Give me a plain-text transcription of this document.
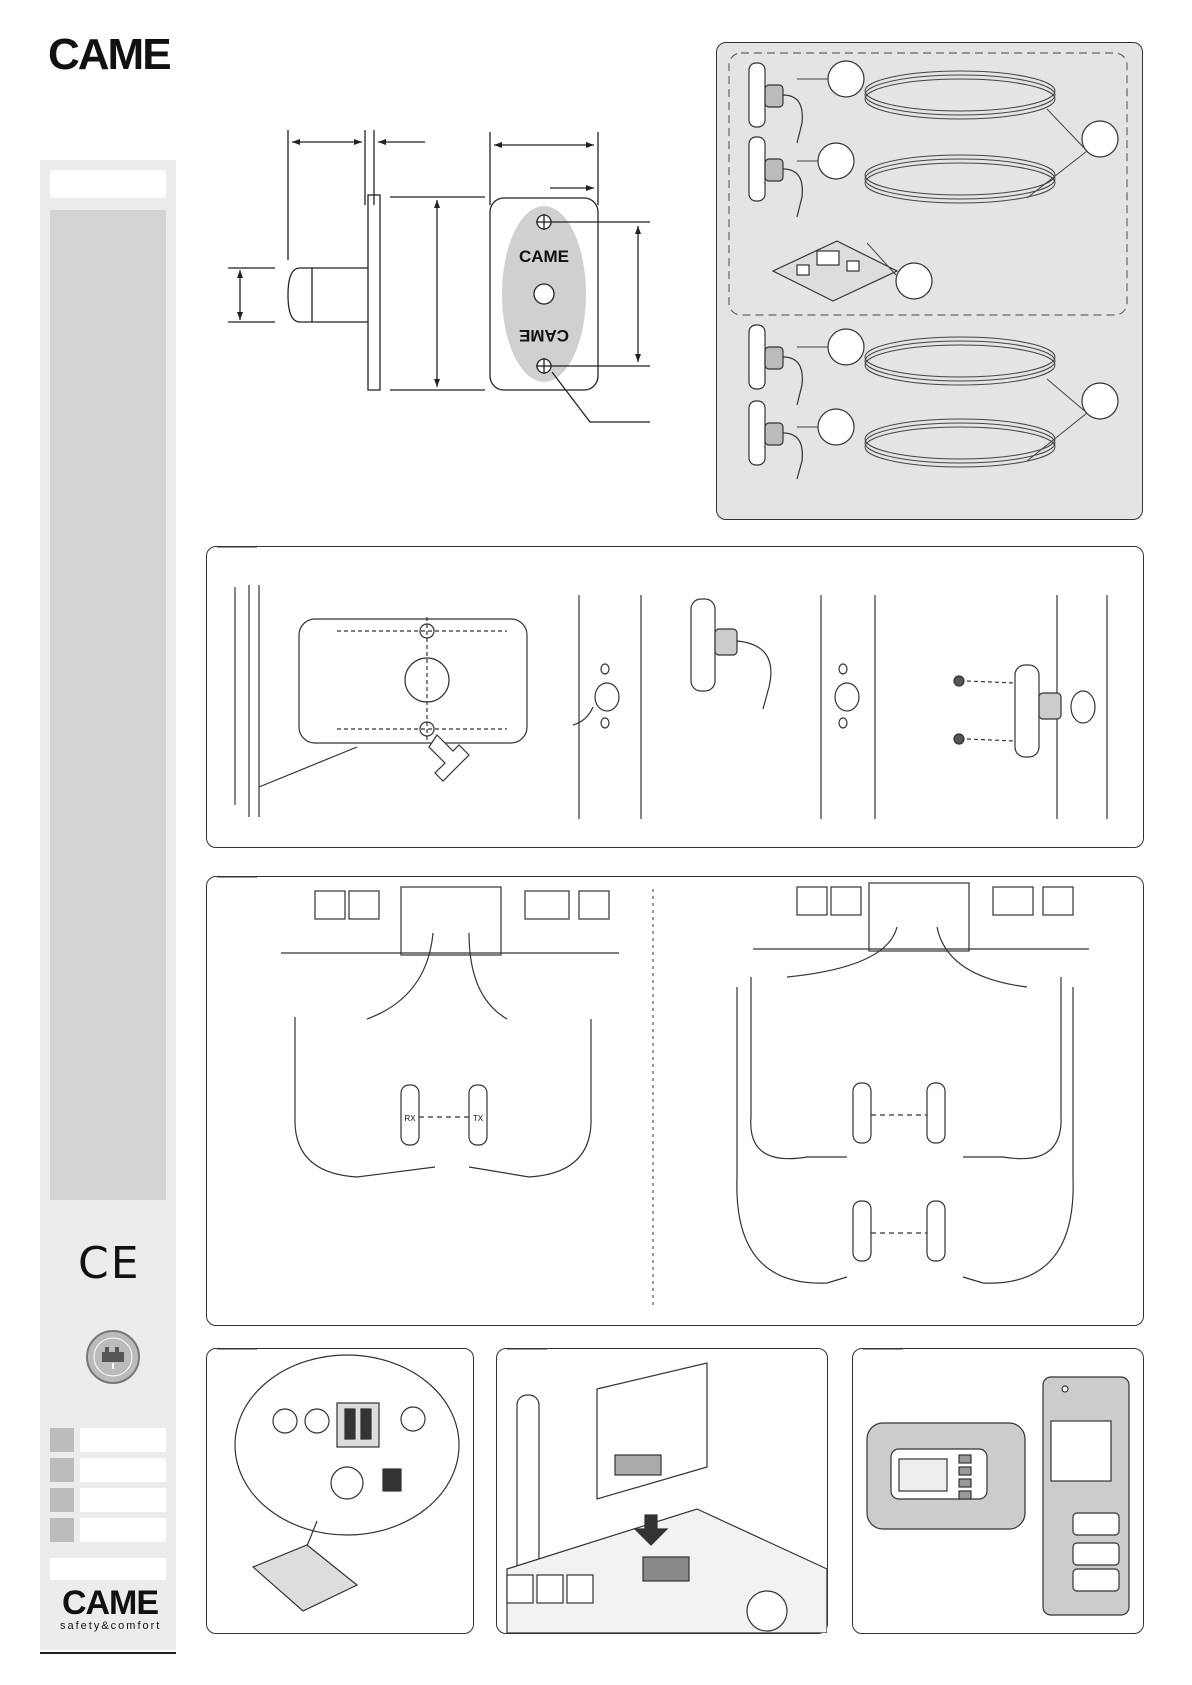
CAME
CE
CAME
safety&comfort
CAME
CAME
RX	TX
